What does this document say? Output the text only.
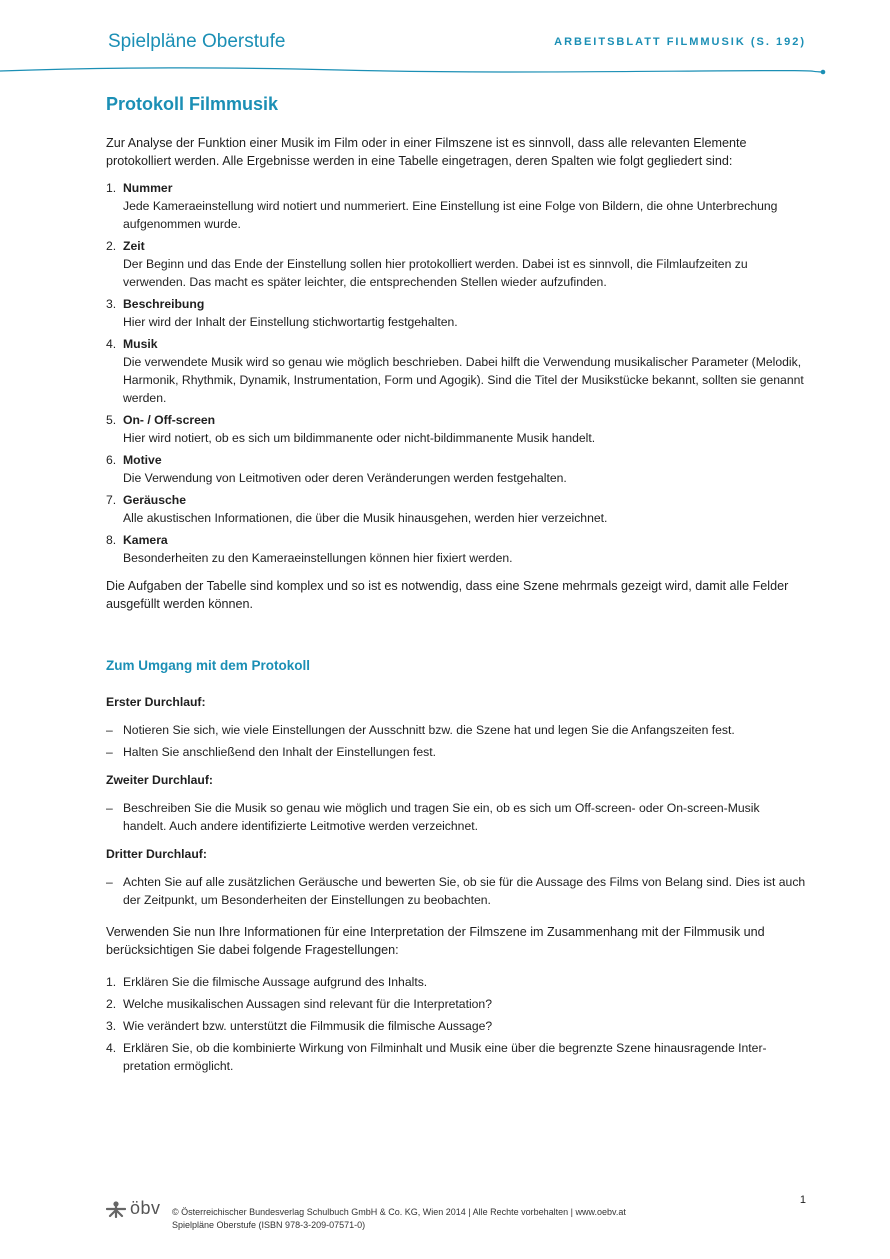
Spielpläne Oberstufe	ARBEITSBLATT FILMMUSIK (S. 192)
Protokoll Filmmusik

Zur Analyse der Funktion einer Musik im Film oder in einer Filmszene ist es sinnvoll, dass alle relevanten Elemente protokolliert werden. Alle Ergebnisse werden in eine Tabelle eingetragen, deren Spalten wie folgt gegliedert sind:

1. Nummer
Jede Kameraeinstellung wird notiert und nummeriert. Eine Einstellung ist eine Folge von Bildern, die ohne Unterbrechung aufgenommen wurde.
2. Zeit
Der Beginn und das Ende der Einstellung sollen hier protokolliert werden. Dabei ist es sinnvoll, die Filmlaufzeiten zu verwenden. Das macht es später leichter, die entsprechenden Stellen wieder aufzufinden.
3. Beschreibung
Hier wird der Inhalt der Einstellung stichwortartig festgehalten.
4. Musik
Die verwendete Musik wird so genau wie möglich beschrieben. Dabei hilft die Verwendung musikalischer Parameter (Melodik, Harmonik, Rhythmik, Dynamik, Instrumentation, Form und Agogik). Sind die Titel der Musikstücke bekannt, sollten sie genannt werden.
5. On- / Off-screen
Hier wird notiert, ob es sich um bildimmanente oder nicht-bildimmanente Musik handelt.
6. Motive
Die Verwendung von Leitmotiven oder deren Veränderungen werden festgehalten.
7. Geräusche
Alle akustischen Informationen, die über die Musik hinausgehen, werden hier verzeichnet.
8. Kamera
Besonderheiten zu den Kameraeinstellungen können hier fixiert werden.

Die Aufgaben der Tabelle sind komplex und so ist es notwendig, dass eine Szene mehrmals gezeigt wird, damit alle Felder ausgefüllt werden können.

Zum Umgang mit dem Protokoll
Erster Durchlauf:
– Notieren Sie sich, wie viele Einstellungen der Ausschnitt bzw. die Szene hat und legen Sie die Anfangszeiten fest.
– Halten Sie anschließend den Inhalt der Einstellungen fest.
Zweiter Durchlauf:
– Beschreiben Sie die Musik so genau wie möglich und tragen Sie ein, ob es sich um Off-screen- oder On-screen-Musik handelt. Auch andere identifizierte Leitmotive werden verzeichnet.
Dritter Durchlauf:
– Achten Sie auf alle zusätzlichen Geräusche und bewerten Sie, ob sie für die Aussage des Films von Belang sind. Dies ist auch der Zeitpunkt, um Besonderheiten der Einstellungen zu beobachten.

Verwenden Sie nun Ihre Informationen für eine Interpretation der Filmszene im Zusammenhang mit der Filmmusik und berücksichtigen Sie dabei folgende Fragestellungen:

1. Erklären Sie die filmische Aussage aufgrund des Inhalts.
2. Welche musikalischen Aussagen sind relevant für die Interpretation?
3. Wie verändert bzw. unterstützt die Filmmusik die filmische Aussage?
4. Erklären Sie, ob die kombinierte Wirkung von Filminhalt und Musik eine über die begrenzte Szene hinausragende Interpretation ermöglicht.
1
öbv © Österreichischer Bundesverlag Schulbuch GmbH & Co. KG, Wien 2014 | Alle Rechte vorbehalten | www.oebv.at
Spielpläne Oberstufe (ISBN 978-3-209-07571-0)
